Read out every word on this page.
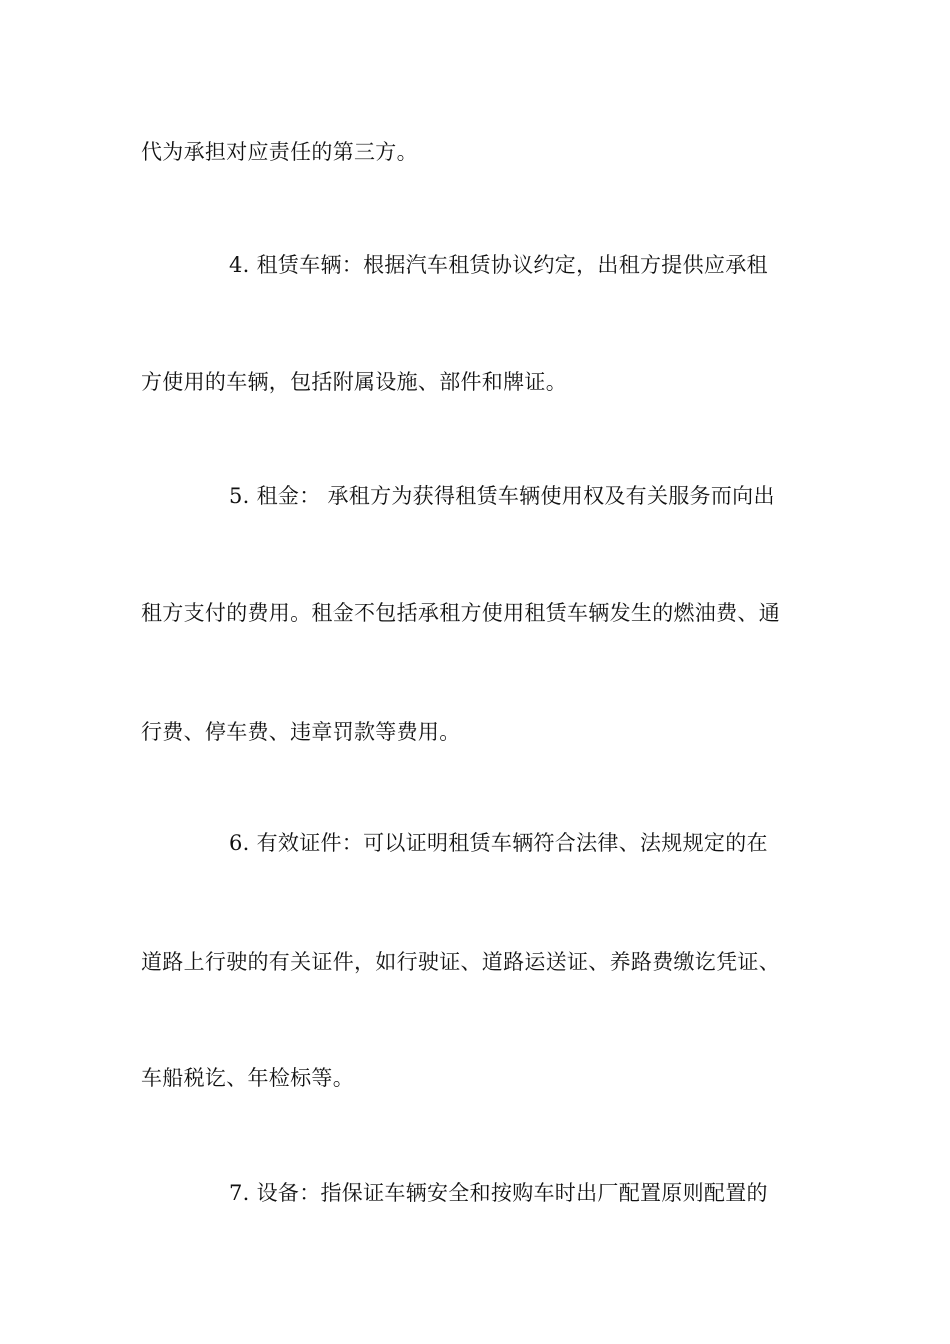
代为承担对应责任的第三方。
4. 租赁车辆：根据汽车租赁协议约定，出租方提供应承租
方使用的车辆，包括附属设施、部件和牌证。
5. 租金： 承租方为获得租赁车辆使用权及有关服务而向出
租方支付的费用。租金不包括承租方使用租赁车辆发生的燃油费、通
行费、停车费、违章罚款等费用。
6. 有效证件：可以证明租赁车辆符合法律、法规规定的在
道路上行驶的有关证件，如行驶证、道路运送证、养路费缴讫凭证、
车船税讫、年检标等。
7. 设备：指保证车辆安全和按购车时出厂配置原则配置的
